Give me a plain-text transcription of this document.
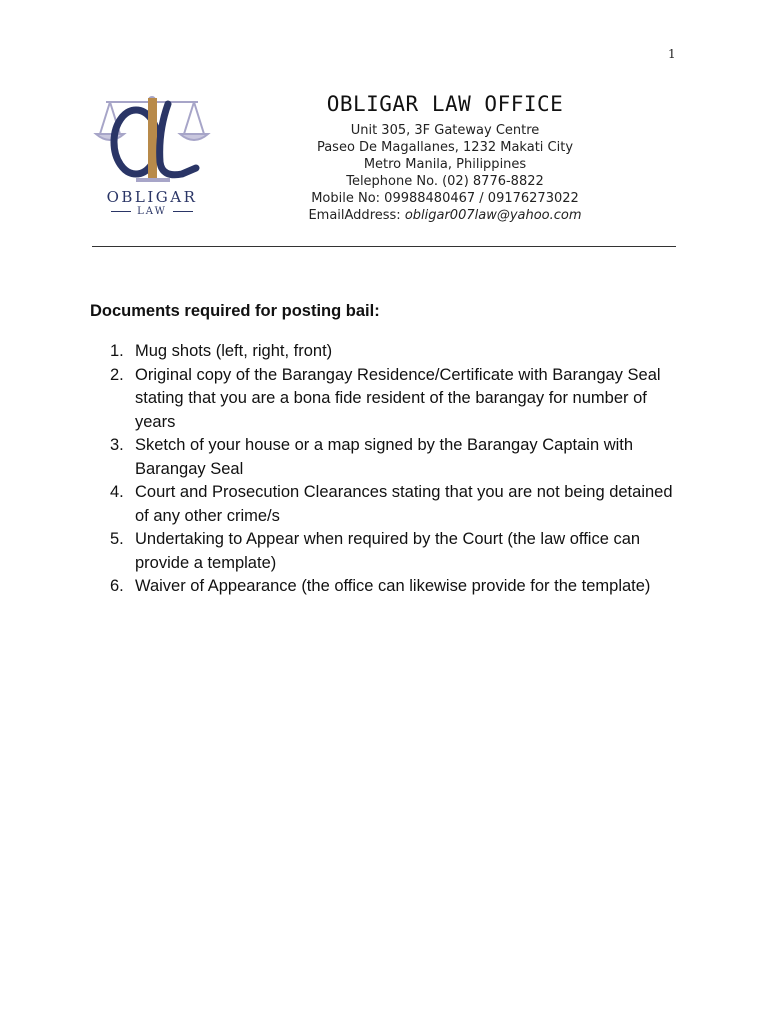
1
OBLIGAR
LAW
OBLIGAR LAW OFFICE
Unit 305, 3F Gateway Centre
Paseo De Magallanes, 1232 Makati City
Metro Manila, Philippines
Telephone No. (02) 8776-8822
Mobile No: 09988480467 / 09176273022
EmailAddress: obligar007law@yahoo.com
Documents required for posting bail:
1. Mug shots (left, right, front)
2. Original copy of the Barangay Residence/Certificate with Barangay Seal stating that you are a bona fide resident of the barangay for number of years
3. Sketch of your house or a map signed by the Barangay Captain with Barangay Seal
4. Court and Prosecution Clearances stating that you are not being detained of any other crime/s
5. Undertaking to Appear when required by the Court (the law office can provide a template)
6. Waiver of Appearance (the office can likewise provide for the template)
